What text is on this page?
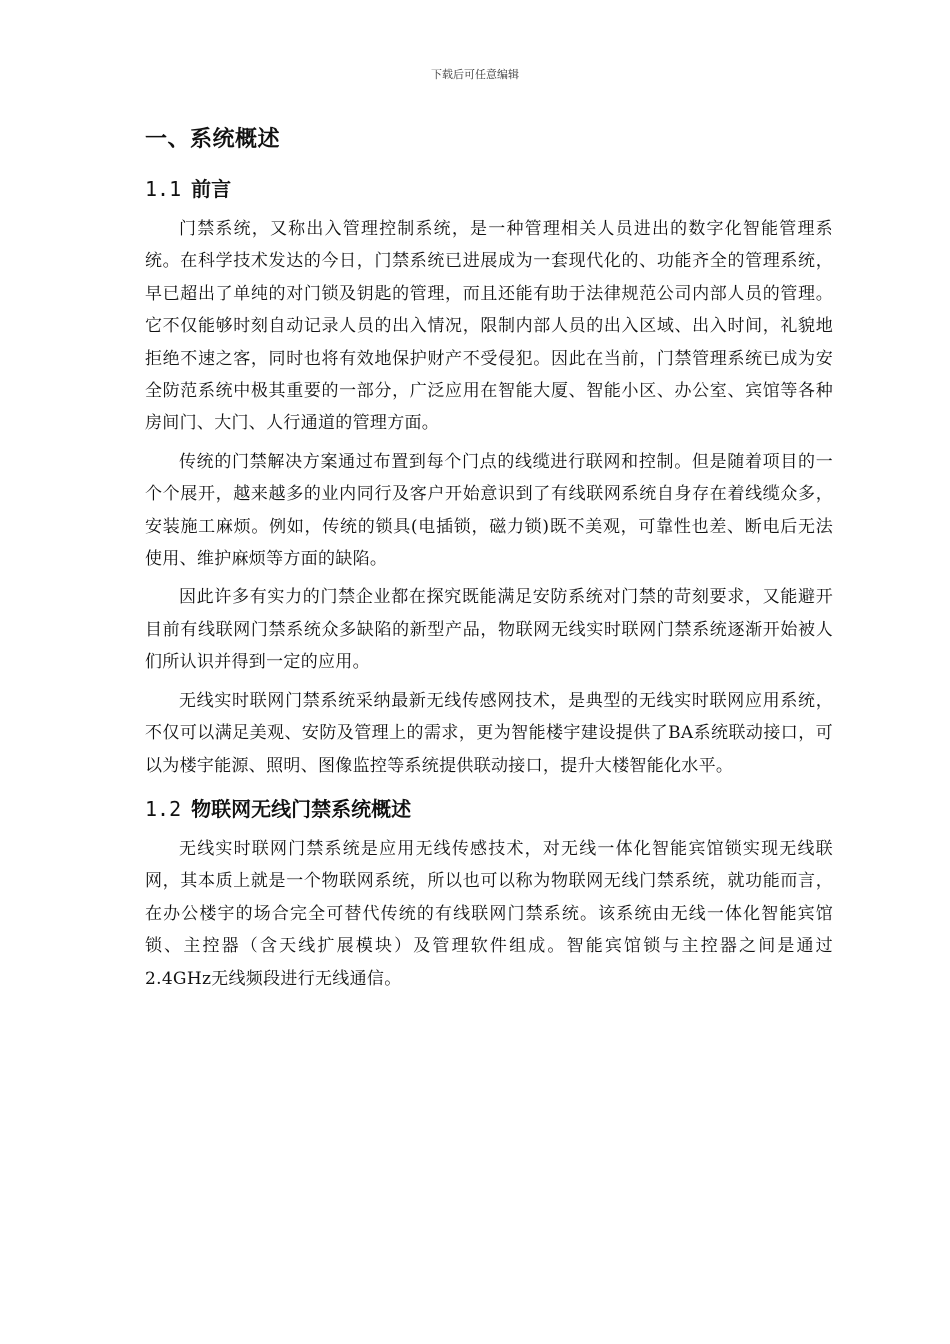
下载后可任意编辑
一、系统概述
1.1 前言

门禁系统，又称出入管理控制系统，是一种管理相关人员进出的数字化智能管理系统。在科学技术发达的今日，门禁系统已进展成为一套现代化的、功能齐全的管理系统，早已超出了单纯的对门锁及钥匙的管理，而且还能有助于法律规范公司内部人员的管理。它不仅能够时刻自动记录人员的出入情况，限制内部人员的出入区域、出入时间，礼貌地拒绝不速之客，同时也将有效地保护财产不受侵犯。因此在当前，门禁管理系统已成为安全防范系统中极其重要的一部分，广泛应用在智能大厦、智能小区、办公室、宾馆等各种房间门、大门、人行通道的管理方面。

传统的门禁解决方案通过布置到每个门点的线缆进行联网和控制。但是随着项目的一个个展开，越来越多的业内同行及客户开始意识到了有线联网系统自身存在着线缆众多，安装施工麻烦。例如，传统的锁具(电插锁，磁力锁)既不美观，可靠性也差、断电后无法使用、维护麻烦等方面的缺陷。

因此许多有实力的门禁企业都在探究既能满足安防系统对门禁的苛刻要求，又能避开目前有线联网门禁系统众多缺陷的新型产品，物联网无线实时联网门禁系统逐渐开始被人们所认识并得到一定的应用。

无线实时联网门禁系统采纳最新无线传感网技术，是典型的无线实时联网应用系统，不仅可以满足美观、安防及管理上的需求，更为智能楼宇建设提供了BA系统联动接口，可以为楼宇能源、照明、图像监控等系统提供联动接口，提升大楼智能化水平。

1.2 物联网无线门禁系统概述

无线实时联网门禁系统是应用无线传感技术，对无线一体化智能宾馆锁实现无线联网，其本质上就是一个物联网系统，所以也可以称为物联网无线门禁系统，就功能而言，在办公楼宇的场合完全可替代传统的有线联网门禁系统。该系统由无线一体化智能宾馆锁、主控器（含天线扩展模块）及管理软件组成。智能宾馆锁与主控器之间是通过2.4GHz无线频段进行无线通信。
